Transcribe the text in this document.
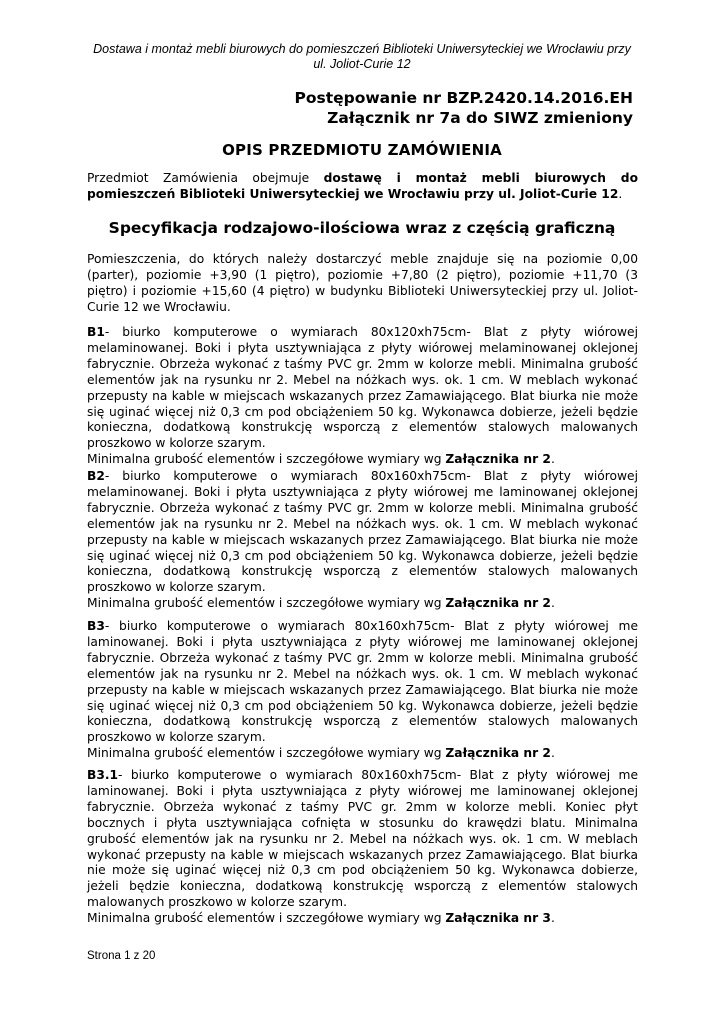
Dostawa i montaż mebli biurowych do pomieszczeń Biblioteki Uniwersyteckiej we Wrocławiu przy
ul. Joliot-Curie 12
Postępowanie nr BZP.2420.14.2016.EH
Załącznik nr 7a do SIWZ zmieniony
OPIS PRZEDMIOTU ZAMÓWIENIA

Przedmiot Zamówienia obejmuje dostawę i montaż mebli biurowych do pomieszczeń Biblioteki Uniwersyteckiej we Wrocławiu przy ul. Joliot-Curie 12.

Specyfikacja rodzajowo-ilościowa wraz z częścią graficzną

Pomieszczenia, do których należy dostarczyć meble znajduje się na poziomie 0,00 (parter), poziomie +3,90 (1 piętro), poziomie +7,80 (2 piętro), poziomie +11,70 (3 piętro) i poziomie +15,60 (4 piętro) w budynku Biblioteki Uniwersyteckiej przy ul. Joliot-Curie 12 we Wrocławiu.

B1- biurko komputerowe o wymiarach 80x120xh75cm- Blat z płyty wiórowej melaminowanej. Boki i płyta usztywniająca z płyty wiórowej melaminowanej oklejonej fabrycznie. Obrzeża wykonać z taśmy PVC gr. 2mm w kolorze mebli. Minimalna grubość elementów jak na rysunku nr 2. Mebel na nóżkach wys. ok. 1 cm. W meblach wykonać przepusty na kable w miejscach wskazanych przez Zamawiającego. Blat biurka nie może się uginać więcej niż 0,3 cm pod obciążeniem 50 kg. Wykonawca dobierze, jeżeli będzie konieczna, dodatkową konstrukcję wsporczą z elementów stalowych malowanych proszkowo w kolorze szarym.

Minimalna grubość elementów i szczegółowe wymiary wg Załącznika nr 2.

B2- biurko komputerowe o wymiarach 80x160xh75cm- Blat z płyty wiórowej melaminowanej. Boki i płyta usztywniająca z płyty wiórowej me laminowanej oklejonej fabrycznie. Obrzeża wykonać z taśmy PVC gr. 2mm w kolorze mebli. Minimalna grubość elementów jak na rysunku nr 2. Mebel na nóżkach wys. ok. 1 cm. W meblach wykonać przepusty na kable w miejscach wskazanych przez Zamawiającego. Blat biurka nie może się uginać więcej niż 0,3 cm pod obciążeniem 50 kg. Wykonawca dobierze, jeżeli będzie konieczna, dodatkową konstrukcję wsporczą z elementów stalowych malowanych proszkowo w kolorze szarym.

Minimalna grubość elementów i szczegółowe wymiary wg Załącznika nr 2.

B3- biurko komputerowe o wymiarach 80x160xh75cm- Blat z płyty wiórowej me laminowanej. Boki i płyta usztywniająca z płyty wiórowej me laminowanej oklejonej fabrycznie. Obrzeża wykonać z taśmy PVC gr. 2mm w kolorze mebli. Minimalna grubość elementów jak na rysunku nr 2. Mebel na nóżkach wys. ok. 1 cm. W meblach wykonać przepusty na kable w miejscach wskazanych przez Zamawiającego. Blat biurka nie może się uginać więcej niż 0,3 cm pod obciążeniem 50 kg. Wykonawca dobierze, jeżeli będzie konieczna, dodatkową konstrukcję wsporczą z elementów stalowych malowanych proszkowo w kolorze szarym.

Minimalna grubość elementów i szczegółowe wymiary wg Załącznika nr 2.

B3.1- biurko komputerowe o wymiarach 80x160xh75cm- Blat z płyty wiórowej me laminowanej. Boki i płyta usztywniająca z płyty wiórowej me laminowanej oklejonej fabrycznie. Obrzeża wykonać z taśmy PVC gr. 2mm w kolorze mebli. Koniec płyt bocznych i płyta usztywniająca cofnięta w stosunku do krawędzi blatu. Minimalna grubość elementów jak na rysunku nr 2. Mebel na nóżkach wys. ok. 1 cm. W meblach wykonać przepusty na kable w miejscach wskazanych przez Zamawiającego. Blat biurka nie może się uginać więcej niż 0,3 cm pod obciążeniem 50 kg. Wykonawca dobierze, jeżeli będzie konieczna, dodatkową konstrukcję wsporczą z elementów stalowych malowanych proszkowo w kolorze szarym.

Minimalna grubość elementów i szczegółowe wymiary wg Załącznika nr 3.

Strona 1 z 20
